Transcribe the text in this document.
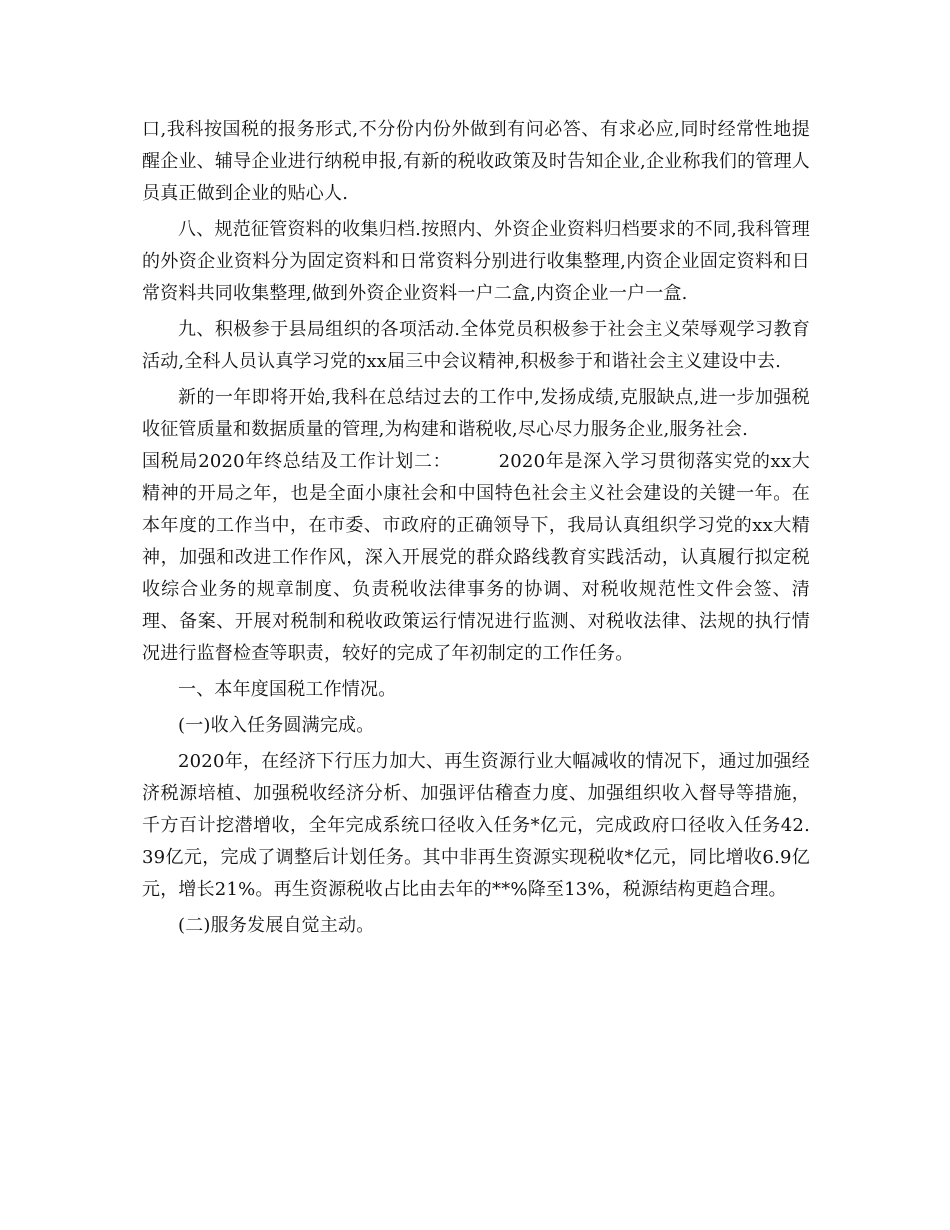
口,我科按国税的报务形式,不分份内份外做到有问必答、有求必应,同时经常性地提醒企业、辅导企业进行纳税申报,有新的税收政策及时告知企业,企业称我们的管理人员真正做到企业的贴心人.

八、规范征管资料的收集归档.按照内、外资企业资料归档要求的不同,我科管理的外资企业资料分为固定资料和日常资料分别进行收集整理,内资企业固定资料和日常资料共同收集整理,做到外资企业资料一户二盒,内资企业一户一盒.

九、积极参于县局组织的各项活动.全体党员积极参于社会主义荣辱观学习教育活动,全科人员认真学习党的xx届三中会议精神,积极参于和谐社会主义建设中去.

新的一年即将开始,我科在总结过去的工作中,发扬成绩,克服缺点,进一步加强税收征管质量和数据质量的管理,为构建和谐税收,尽心尽力服务企业,服务社会.

国税局2020年终总结及工作计划二：　　　2020年是深入学习贯彻落实党的xx大精神的开局之年，也是全面小康社会和中国特色社会主义社会建设的关键一年。在本年度的工作当中，在市委、市政府的正确领导下，我局认真组织学习党的xx大精神，加强和改进工作作风，深入开展党的群众路线教育实践活动，认真履行拟定税收综合业务的规章制度、负责税收法律事务的协调、对税收规范性文件会签、清理、备案、开展对税制和税收政策运行情况进行监测、对税收法律、法规的执行情况进行监督检查等职责，较好的完成了年初制定的工作任务。

一、本年度国税工作情况。

(一)收入任务圆满完成。

2020年，在经济下行压力加大、再生资源行业大幅减收的情况下，通过加强经济税源培植、加强税收经济分析、加强评估稽查力度、加强组织收入督导等措施，千方百计挖潜增收，全年完成系统口径收入任务*亿元，完成政府口径收入任务42.39亿元，完成了调整后计划任务。其中非再生资源实现税收*亿元，同比增收6.9亿元，增长21%。再生资源税收占比由去年的**%降至13%，税源结构更趋合理。

(二)服务发展自觉主动。
